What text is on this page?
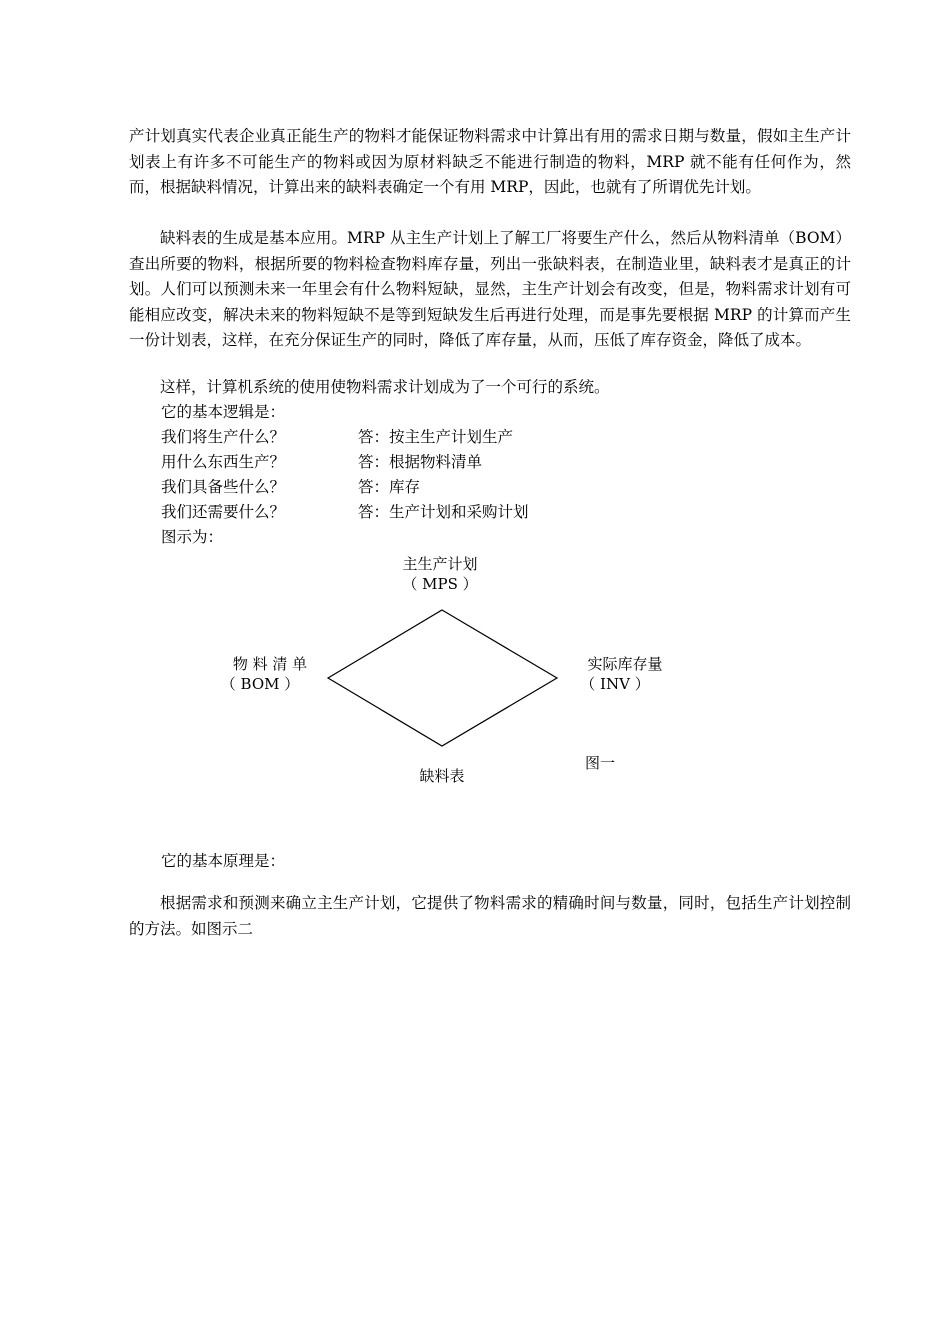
产计划真实代表企业真正能生产的物料才能保证物料需求中计算出有用的需求日期与数量，假如主生产计划表上有许多不可能生产的物料或因为原材料缺乏不能进行制造的物料，MRP 就不能有任何作为，然而，根据缺料情况，计算出来的缺料表确定一个有用 MRP，因此，也就有了所谓优先计划。

缺料表的生成是基本应用。MRP 从主生产计划上了解工厂将要生产什么，然后从物料清单（BOM）查出所要的物料，根据所要的物料检查物料库存量，列出一张缺料表，在制造业里，缺料表才是真正的计划。人们可以预测未来一年里会有什么物料短缺，显然，主生产计划会有改变，但是，物料需求计划有可能相应改变，解决未来的物料短缺不是等到短缺发生后再进行处理，而是事先要根据 MRP 的计算而产生一份计划表，这样，在充分保证生产的同时，降低了库存量，从而，压低了库存资金，降低了成本。

这样，计算机系统的使用使物料需求计划成为了一个可行的系统。

它的基本逻辑是：
我们将生产什么？	答：按主生产计划生产
用什么东西生产？	答：根据物料清单
我们具备些什么？	答：库存
我们还需要什么？	答：生产计划和采购计划
图示为：
主生产计划
（ MPS ）
物 料 清 单
（ BOM ）
实际库存量
（ INV ）
缺料表
图一
它的基本原理是：

根据需求和预测来确立主生产计划，它提供了物料需求的精确时间与数量，同时，包括生产计划控制的方法。如图示二
